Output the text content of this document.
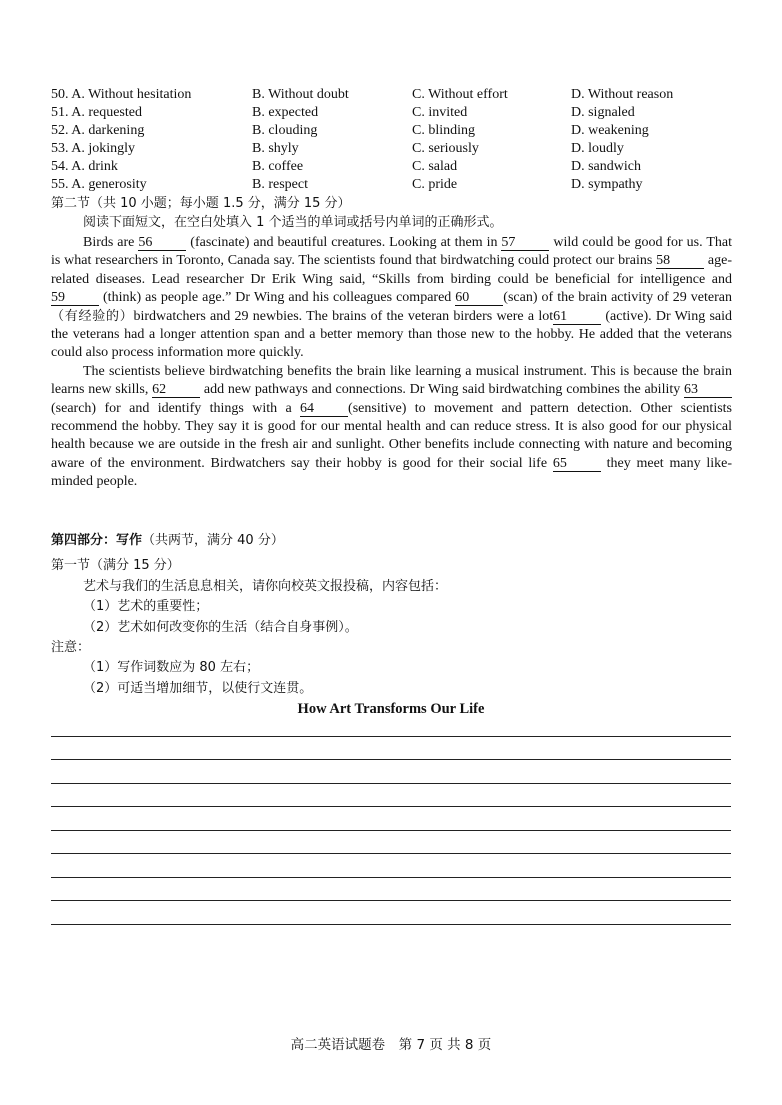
50. A. Without hesitation	B. Without doubt	C. Without effort	D. Without reason
51. A. requested	B. expected	C. invited	D. signaled
52. A. darkening	B. clouding	C. blinding	D. weakening
53. A. jokingly	B. shyly	C. seriously	D. loudly
54. A. drink	B. coffee	C. salad	D. sandwich
55. A. generosity	B. respect	C. pride	D. sympathy
第二节（共 10 小题；每小题 1.5 分，满分 15 分）
阅读下面短文，在空白处填入 1 个适当的单词或括号内单词的正确形式。

Birds are 56 (fascinate) and beautiful creatures. Looking at them in 57 wild could be good for us. That is what researchers in Toronto, Canada say. The scientists found that birdwatching could protect our brains 58 age-related diseases. Lead researcher Dr Erik Wing said, “Skills from birding could be beneficial for intelligence and 59 (think) as people age.” Dr Wing and his colleagues compared 60 (scan) of the brain activity of 29 veteran（有经验的）birdwatchers and 29 newbies. The brains of the veteran birders were a lot61 (active). Dr Wing said the veterans had a longer attention span and a better memory than those new to the hobby. He added that the veterans could also process information more quickly.

The scientists believe birdwatching benefits the brain like learning a musical instrument. This is because the brain learns new skills, 62 add new pathways and connections. Dr Wing said birdwatching combines the ability 63(search) for and identify things with a 64 (sensitive) to movement and pattern detection. Other scientists recommend the hobby. They say it is good for our mental health and can reduce stress. It is also good for our physical health because we are outside in the fresh air and sunlight. Other benefits include connecting with nature and becoming aware of the environment. Birdwatchers say their hobby is good for their social life 65 they meet many like-minded people.

第四部分：写作（共两节，满分 40 分）
第一节（满分 15 分）
艺术与我们的生活息息相关，请你向校英文报投稿，内容包括：
（1）艺术的重要性；
（2）艺术如何改变你的生活（结合自身事例）。
注意：
（1）写作词数应为 80 左右；
（2）可适当增加细节，以使行文连贯。
How Art Transforms Our Life
高二英语试题卷　第 7 页 共 8 页
